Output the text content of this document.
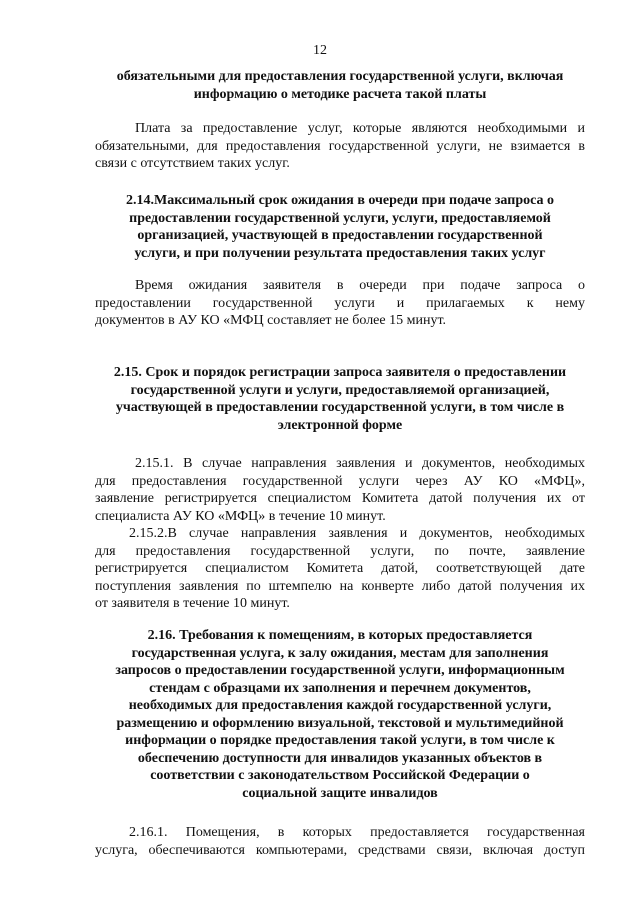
12
обязательными для предоставления государственной услуги, включая
информацию о методике расчета такой платы
Плата за предоставление услуг, которые являются необходимыми и обязательными, для предоставления государственной услуги, не взимается в связи с отсутствием таких услуг.
2.14.Максимальный срок ожидания в очереди при подаче запроса о
предоставлении государственной услуги, услуги, предоставляемой
организацией, участвующей в предоставлении государственной
услуги, и при получении результата предоставления таких услуг
Время ожидания заявителя в очереди при подаче запроса о
предоставлении государственной услуги и прилагаемых к нему
документов в АУ КО «МФЦ составляет не более 15 минут.
2.15. Срок и порядок регистрации запроса заявителя о предоставлении
государственной услуги и услуги, предоставляемой организацией,
участвующей в предоставлении государственной услуги, в том числе в
электронной форме
2.15.1. В случае направления заявления и документов, необходимых
для предоставления государственной услуги через АУ КО «МФЦ»,
заявление регистрируется специалистом Комитета датой получения их от
специалиста АУ КО «МФЦ» в течение 10 минут.
2.15.2.В случае направления заявления и документов, необходимых
для предоставления государственной услуги, по почте, заявление
регистрируется специалистом Комитета датой, соответствующей дате
поступления заявления по штемпелю на конверте либо датой получения их
от заявителя в течение 10 минут.
2.16. Требования к помещениям, в которых предоставляется
государственная услуга, к залу ожидания, местам для заполнения
запросов о предоставлении государственной услуги, информационным
стендам с образцами их заполнения и перечнем документов,
необходимых для предоставления каждой государственной услуги,
размещению и оформлению визуальной, текстовой и мультимедийной
информации о порядке предоставления такой услуги, в том числе к
обеспечению доступности для инвалидов указанных объектов в
соответствии с законодательством Российской Федерации о
социальной защите инвалидов
2.16.1. Помещения, в которых предоставляется государственная
услуга, обеспечиваются компьютерами, средствами связи, включая доступ
